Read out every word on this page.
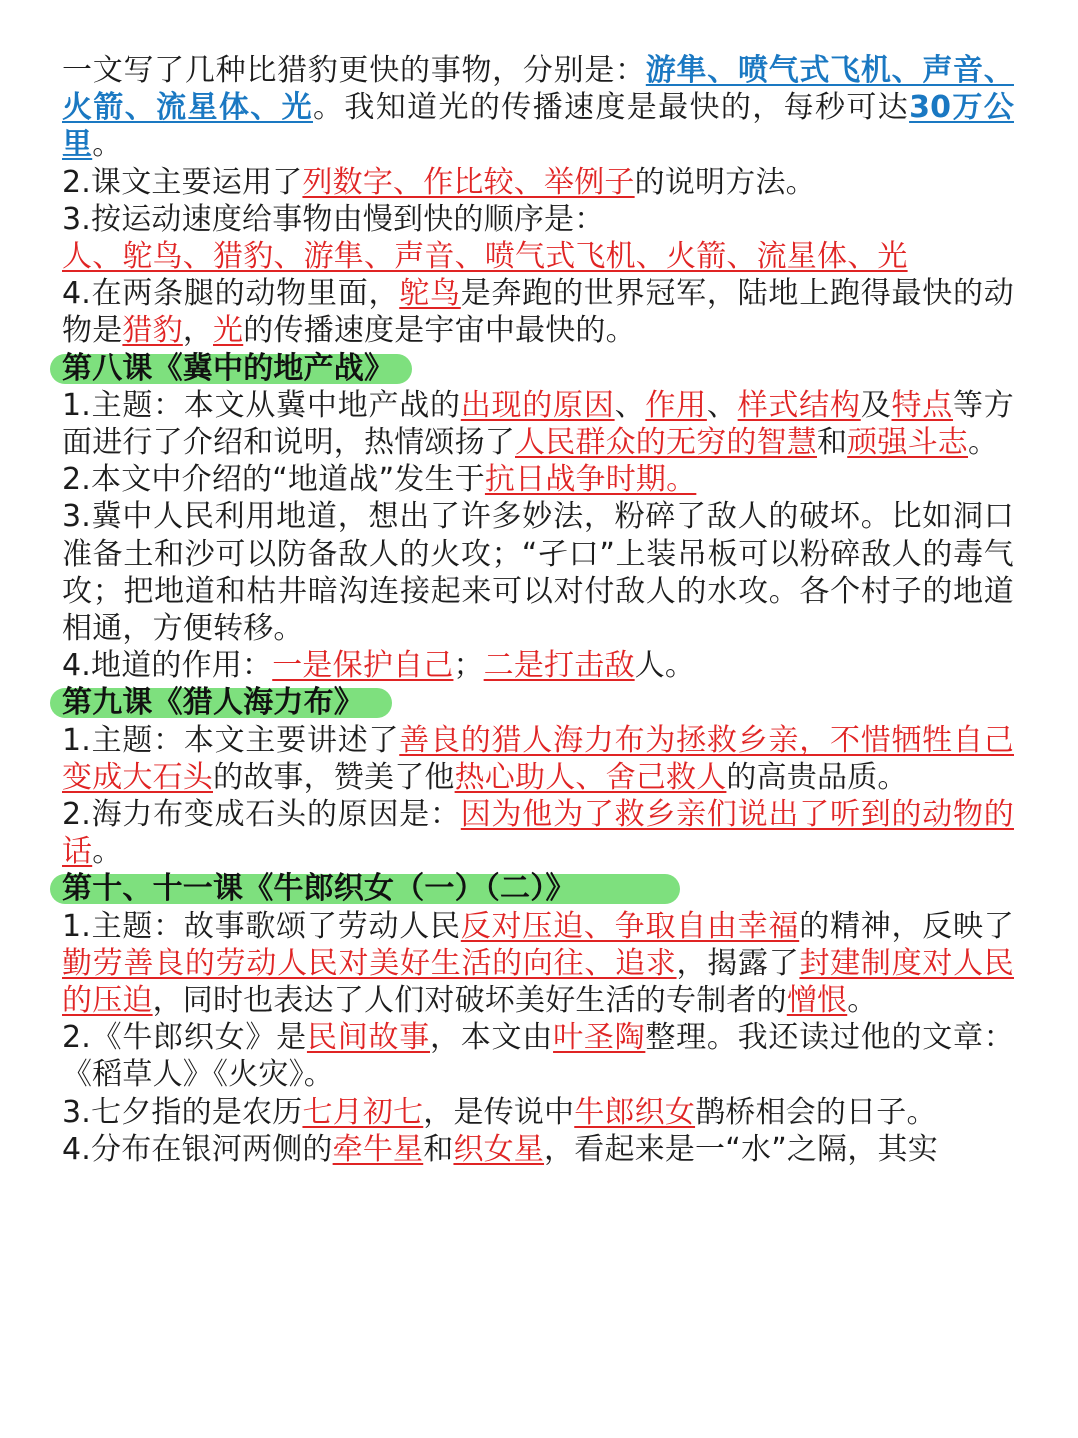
一文写了几种比猎豹更快的事物，分别是：游隼、喷气式飞机、声音、火箭、流星体、光。我知道光的传播速度是最快的，每秒可达30万公里。

2.课文主要运用了列数字、作比较、举例子的说明方法。

3.按运动速度给事物由慢到快的顺序是：
人、鸵鸟、猎豹、游隼、声音、喷气式飞机、火箭、流星体、光

4.在两条腿的动物里面，鸵鸟是奔跑的世界冠军，陆地上跑得最快的动物是猎豹，光的传播速度是宇宙中最快的。

第八课《冀中的地产战》

1.主题：本文从冀中地产战的出现的原因、作用、样式结构及特点等方面进行了介绍和说明，热情颂扬了人民群众的无穷的智慧和顽强斗志。

2.本文中介绍的“地道战”发生于抗日战争时期。

3.冀中人民利用地道，想出了许多妙法，粉碎了敌人的破坏。比如洞口准备土和沙可以防备敌人的火攻；“孑口”上装吊板可以粉碎敌人的毒气攻；把地道和枯井暗沟连接起来可以对付敌人的水攻。各个村子的地道相通，方便转移。

4.地道的作用：一是保护自己；二是打击敌人。

第九课《猎人海力布》

1.主题：本文主要讲述了善良的猎人海力布为拯救乡亲，不惜牺牲自己变成大石头的故事，赞美了他热心助人、舍己救人的高贵品质。

2.海力布变成石头的原因是：因为他为了救乡亲们说出了听到的动物的话。

第十、十一课《牛郎织女（一）（二）》

1.主题：故事歌颂了劳动人民反对压迫、争取自由幸福的精神，反映了勤劳善良的劳动人民对美好生活的向往、追求，揭露了封建制度对人民的压迫，同时也表达了人们对破坏美好生活的专制者的憎恨。

2.《牛郎织女》是民间故事，本文由叶圣陶整理。我还读过他的文章：《稻草人》《火灾》。

3.七夕指的是农历七月初七，是传说中牛郎织女鹊桥相会的日子。

4.分布在银河两侧的牵牛星和织女星，看起来是一“水”之隔，其实
